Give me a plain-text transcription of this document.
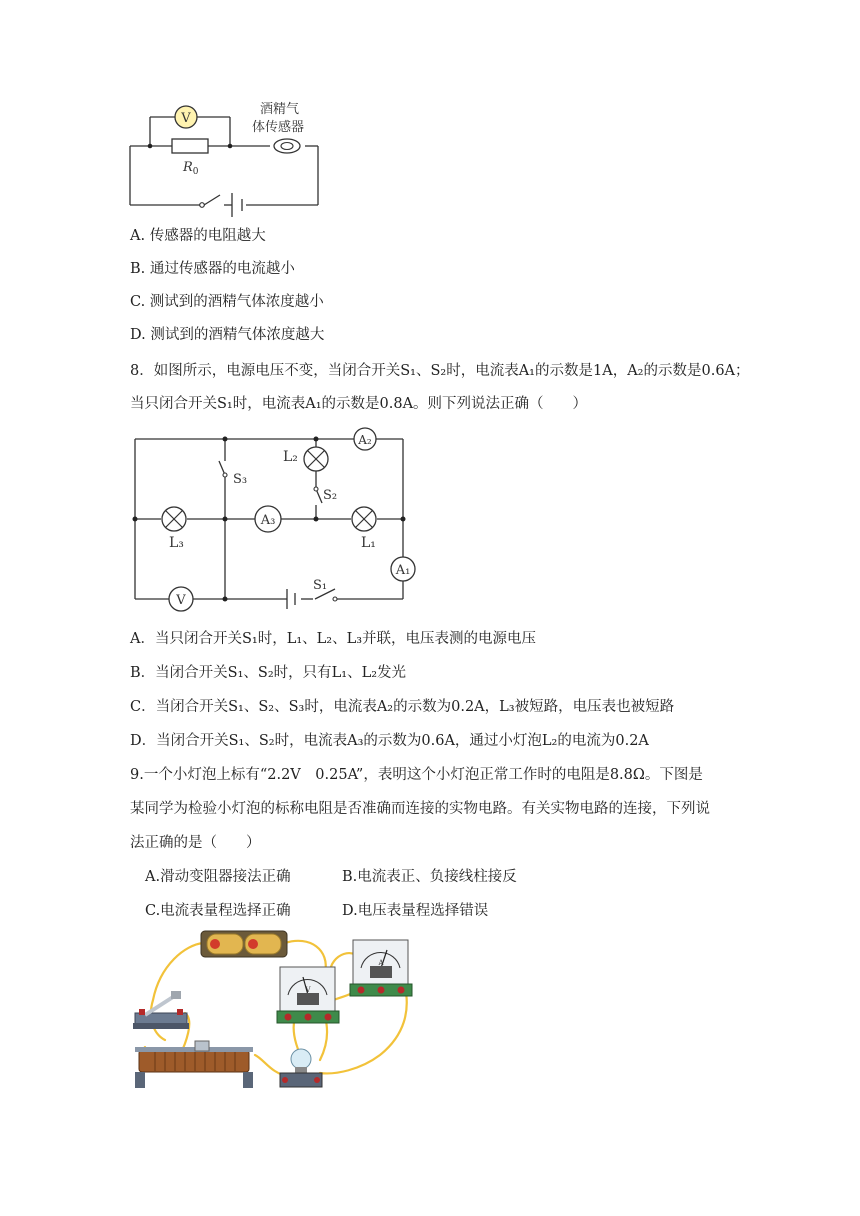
V
$R_0$
酒精气
体传感器
A. 传感器的电阻越大
B. 通过传感器的电流越小
C. 测试到的酒精气体浓度越小
D. 测试到的酒精气体浓度越大
8．如图所示，电源电压不变，当闭合开关S₁、S₂时，电流表A₁的示数是1A，A₂的示数是0.6A；
当只闭合开关S₁时，电流表A₁的示数是0.8A。则下列说法正确（　　）
A₃
A₂
A₁
V
L₃	L₁
L₂
S₃
S₂
S₁
A．当只闭合开关S₁时，L₁、L₂、L₃并联，电压表测的电源电压
B．当闭合开关S₁、S₂时，只有L₁、L₂发光
C．当闭合开关S₁、S₂、S₃时，电流表A₂的示数为0.2A，L₃被短路，电压表也被短路
D．当闭合开关S₁、S₂时，电流表A₃的示数为0.6A，通过小灯泡L₂的电流为0.2A
9.一个小灯泡上标有“2.2V　0.25A”，表明这个小灯泡正常工作时的电阻是8.8Ω。下图是
某同学为检验小灯泡的标称电阻是否准确而连接的实物电路。有关实物电路的连接，下列说
法正确的是（　　）
A.滑动变阻器接法正确	B.电流表正、负接线柱接反
C.电流表量程选择正确	D.电压表量程选择错误
V
A
